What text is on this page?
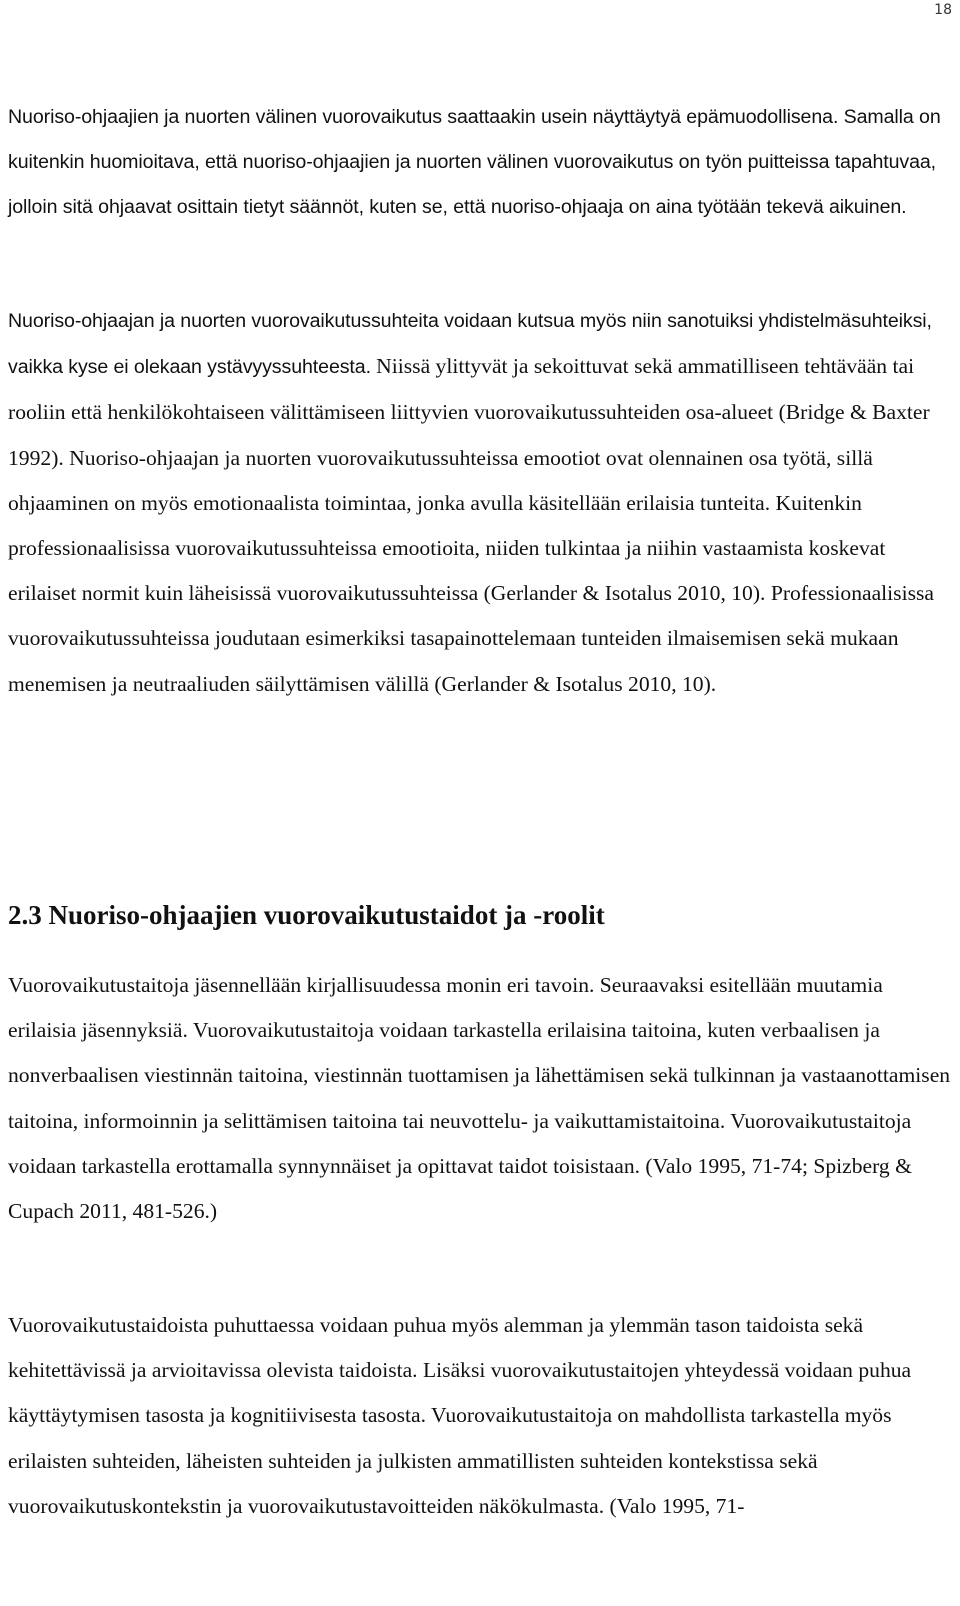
18

Nuoriso-ohjaajien ja nuorten välinen vuorovaikutus saattaakin usein näyttäytyä epämuodollisena. Samalla on kuitenkin huomioitava, että nuoriso-ohjaajien ja nuorten välinen vuorovaikutus on työn puitteissa tapahtuvaa, jolloin sitä ohjaavat osittain tietyt säännöt, kuten se, että nuoriso-ohjaaja on aina työtään tekevä aikuinen.

Nuoriso-ohjaajan ja nuorten vuorovaikutussuhteita voidaan kutsua myös niin sanotuiksi yhdistelmäsuhteiksi, vaikka kyse ei olekaan ystävyyssuhteesta. Niissä ylittyvät ja sekoittuvat sekä ammatilliseen tehtävään tai rooliin että henkilökohtaiseen välittämiseen liittyvien vuorovaikutussuhteiden osa-alueet (Bridge & Baxter 1992). Nuoriso-ohjaajan ja nuorten vuorovaikutussuhteissa emootiot ovat olennainen osa työtä, sillä ohjaaminen on myös emotionaalista toimintaa, jonka avulla käsitellään erilaisia tunteita. Kuitenkin professionaalisissa vuorovaikutussuhteissa emootioita, niiden tulkintaa ja niihin vastaamista koskevat erilaiset normit kuin läheisissä vuorovaikutussuhteissa (Gerlander & Isotalus 2010, 10). Professionaalisissa vuorovaikutussuhteissa joudutaan esimerkiksi tasapainottelemaan tunteiden ilmaisemisen sekä mukaan menemisen ja neutraaliuden säilyttämisen välillä (Gerlander & Isotalus 2010, 10).

2.3 Nuoriso-ohjaajien vuorovaikutustaidot ja -roolit

Vuorovaikutustaitoja jäsennellään kirjallisuudessa monin eri tavoin. Seuraavaksi esitellään muutamia erilaisia jäsennyksiä. Vuorovaikutustaitoja voidaan tarkastella erilaisina taitoina, kuten verbaalisen ja nonverbaalisen viestinnän taitoina, viestinnän tuottamisen ja lähettämisen sekä tulkinnan ja vastaanottamisen taitoina, informoinnin ja selittämisen taitoina tai neuvottelu- ja vaikuttamistaitoina. Vuorovaikutustaitoja voidaan tarkastella erottamalla synnynnäiset ja opittavat taidot toisistaan. (Valo 1995, 71-74; Spizberg & Cupach 2011, 481-526.)

Vuorovaikutustaidoista puhuttaessa voidaan puhua myös alemman ja ylemmän tason taidoista sekä kehitettävissä ja arvioitavissa olevista taidoista. Lisäksi vuorovaikutustaitojen yhteydessä voidaan puhua käyttäytymisen tasosta ja kognitiivisesta tasosta. Vuorovaikutustaitoja on mahdollista tarkastella myös erilaisten suhteiden, läheisten suhteiden ja julkisten ammatillisten suhteiden kontekstissa sekä vuorovaikutuskontekstin ja vuorovaikutustavoitteiden näkökulmasta. (Valo 1995, 71-
